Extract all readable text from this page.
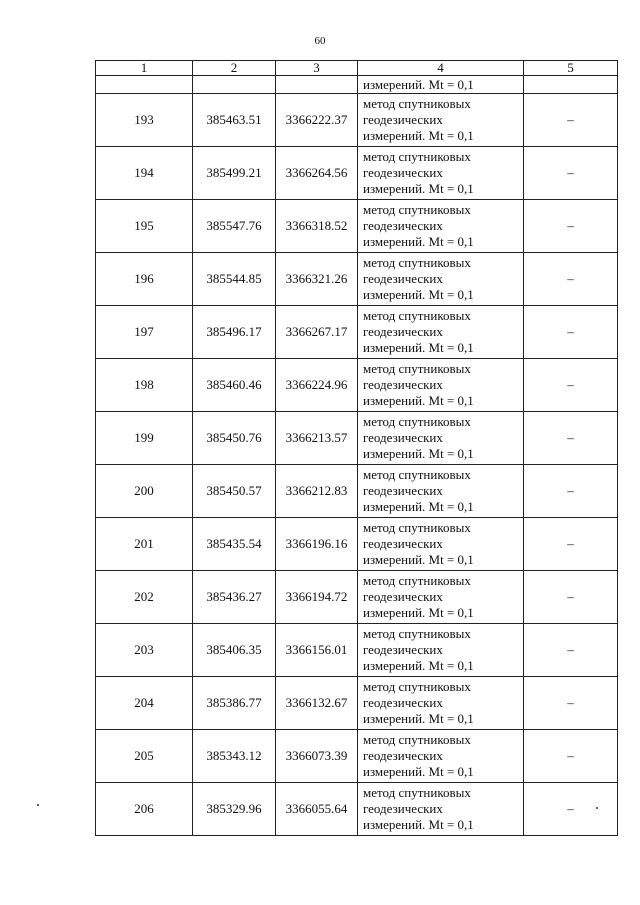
60
1	2	3	4	5

			измерений. Mt = 0,1	

193	385463.51	3366222.37	метод спутниковых
геодезических
измерений. Mt = 0,1	–
194	385499.21	3366264.56	метод спутниковых
геодезических
измерений. Mt = 0,1	–
195	385547.76	3366318.52	метод спутниковых
геодезических
измерений. Mt = 0,1	–
196	385544.85	3366321.26	метод спутниковых
геодезических
измерений. Mt = 0,1	–
197	385496.17	3366267.17	метод спутниковых
геодезических
измерений. Mt = 0,1	–
198	385460.46	3366224.96	метод спутниковых
геодезических
измерений. Mt = 0,1	–
199	385450.76	3366213.57	метод спутниковых
геодезических
измерений. Mt = 0,1	–
200	385450.57	3366212.83	метод спутниковых
геодезических
измерений. Mt = 0,1	–
201	385435.54	3366196.16	метод спутниковых
геодезических
измерений. Mt = 0,1	–
202	385436.27	3366194.72	метод спутниковых
геодезических
измерений. Mt = 0,1	–
203	385406.35	3366156.01	метод спутниковых
геодезических
измерений. Mt = 0,1	–
204	385386.77	3366132.67	метод спутниковых
геодезических
измерений. Mt = 0,1	–
205	385343.12	3366073.39	метод спутниковых
геодезических
измерений. Mt = 0,1	–
206	385329.96	3366055.64	метод спутниковых
геодезических
измерений. Mt = 0,1	–
